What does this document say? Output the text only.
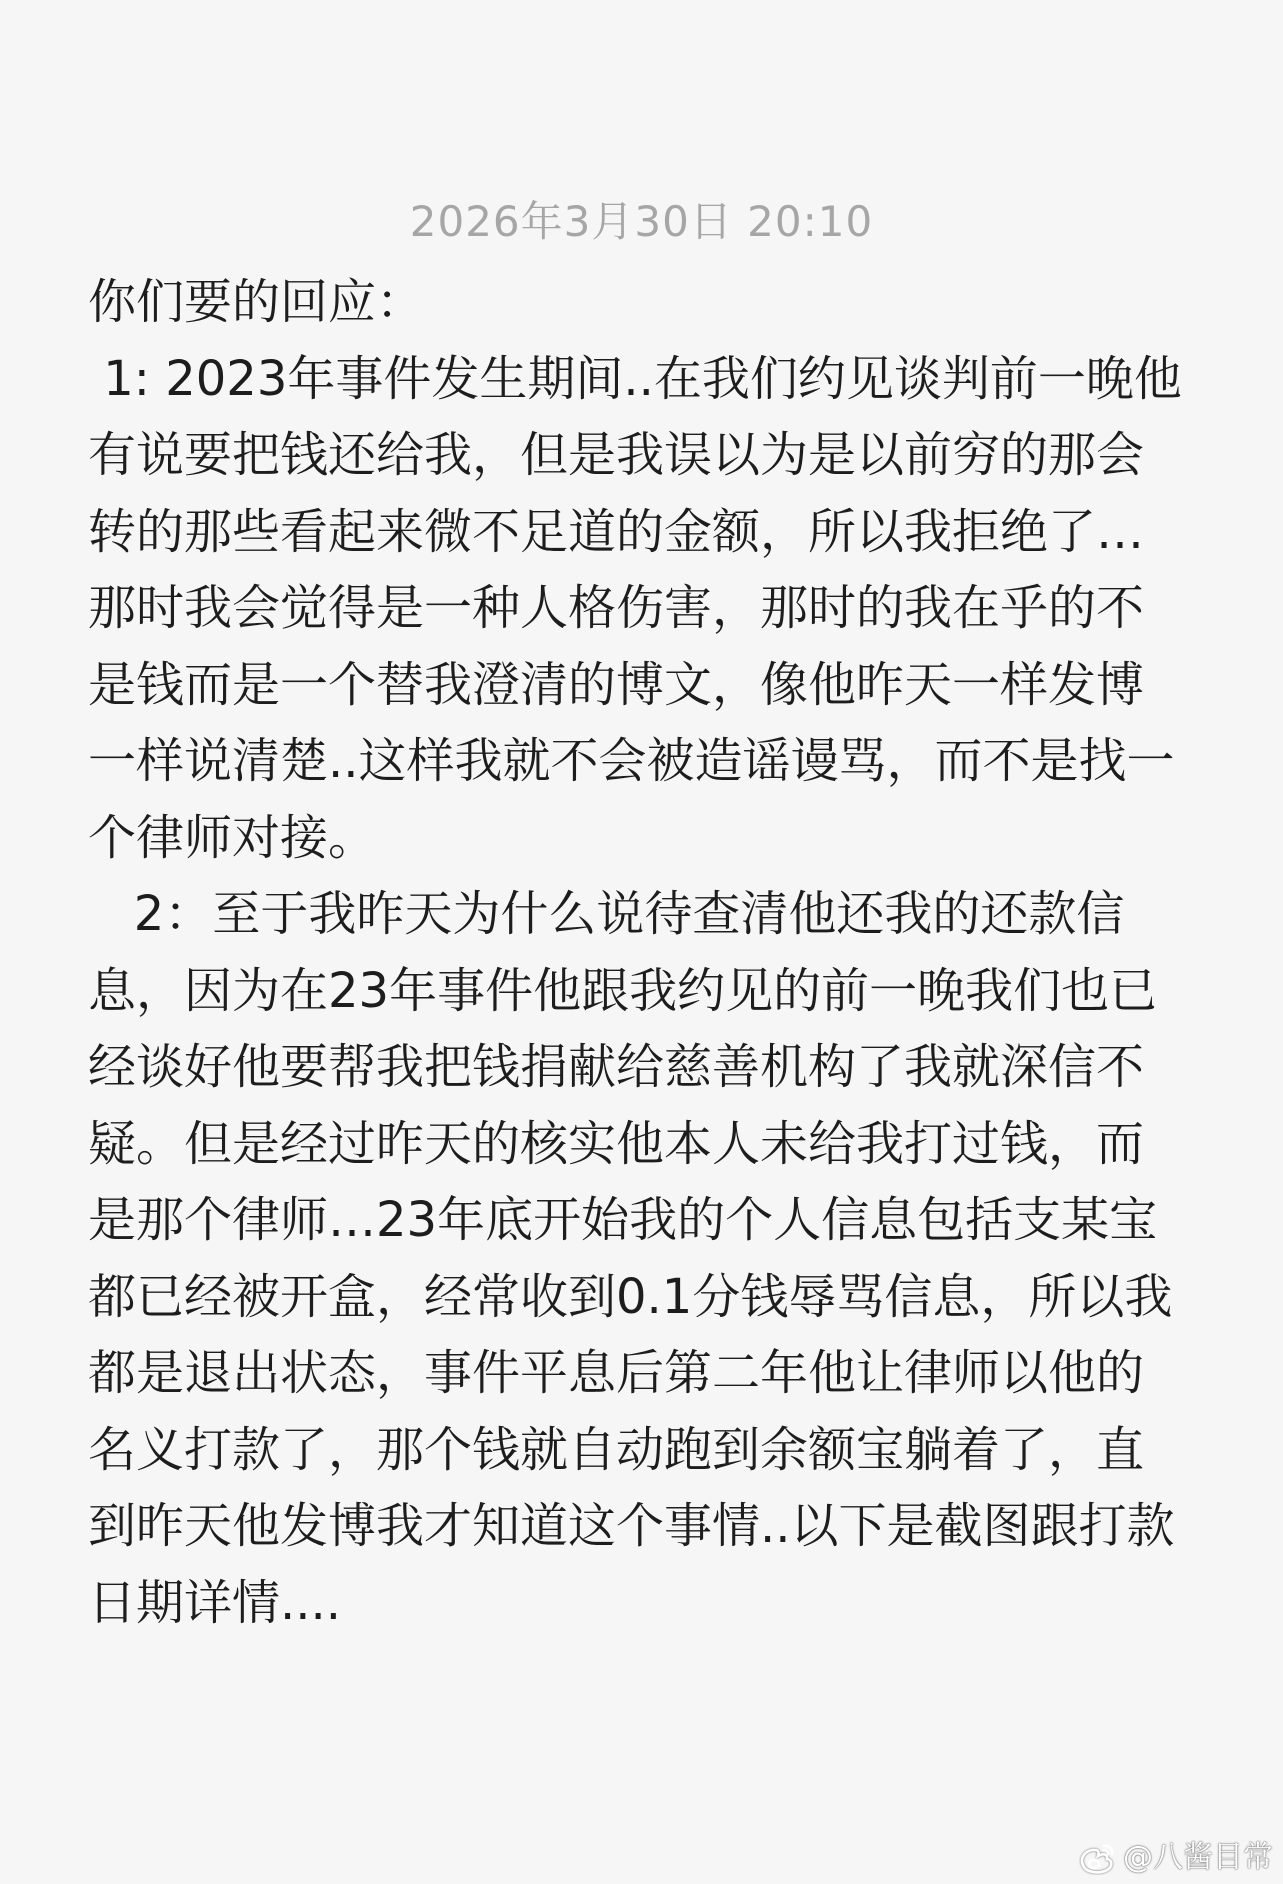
2026年3月30日 20:10
你们要的回应：
1: 2023年事件发生期间..在我们约见谈判前一晚他
有说要把钱还给我，但是我误以为是以前穷的那会
转的那些看起来微不足道的金额，所以我拒绝了…
那时我会觉得是一种人格伤害，那时的我在乎的不
是钱而是一个替我澄清的博文，像他昨天一样发博
一样说清楚..这样我就不会被造谣谩骂，而不是找一
个律师对接。
2：至于我昨天为什么说待查清他还我的还款信
息，因为在23年事件他跟我约见的前一晚我们也已
经谈好他要帮我把钱捐献给慈善机构了我就深信不
疑。但是经过昨天的核实他本人未给我打过钱，而
是那个律师…23年底开始我的个人信息包括支某宝
都已经被开盒，经常收到0.1分钱辱骂信息，所以我
都是退出状态，事件平息后第二年他让律师以他的
名义打款了，那个钱就自动跑到余额宝躺着了，直
到昨天他发博我才知道这个事情..以下是截图跟打款
日期详情....
@八酱目常
